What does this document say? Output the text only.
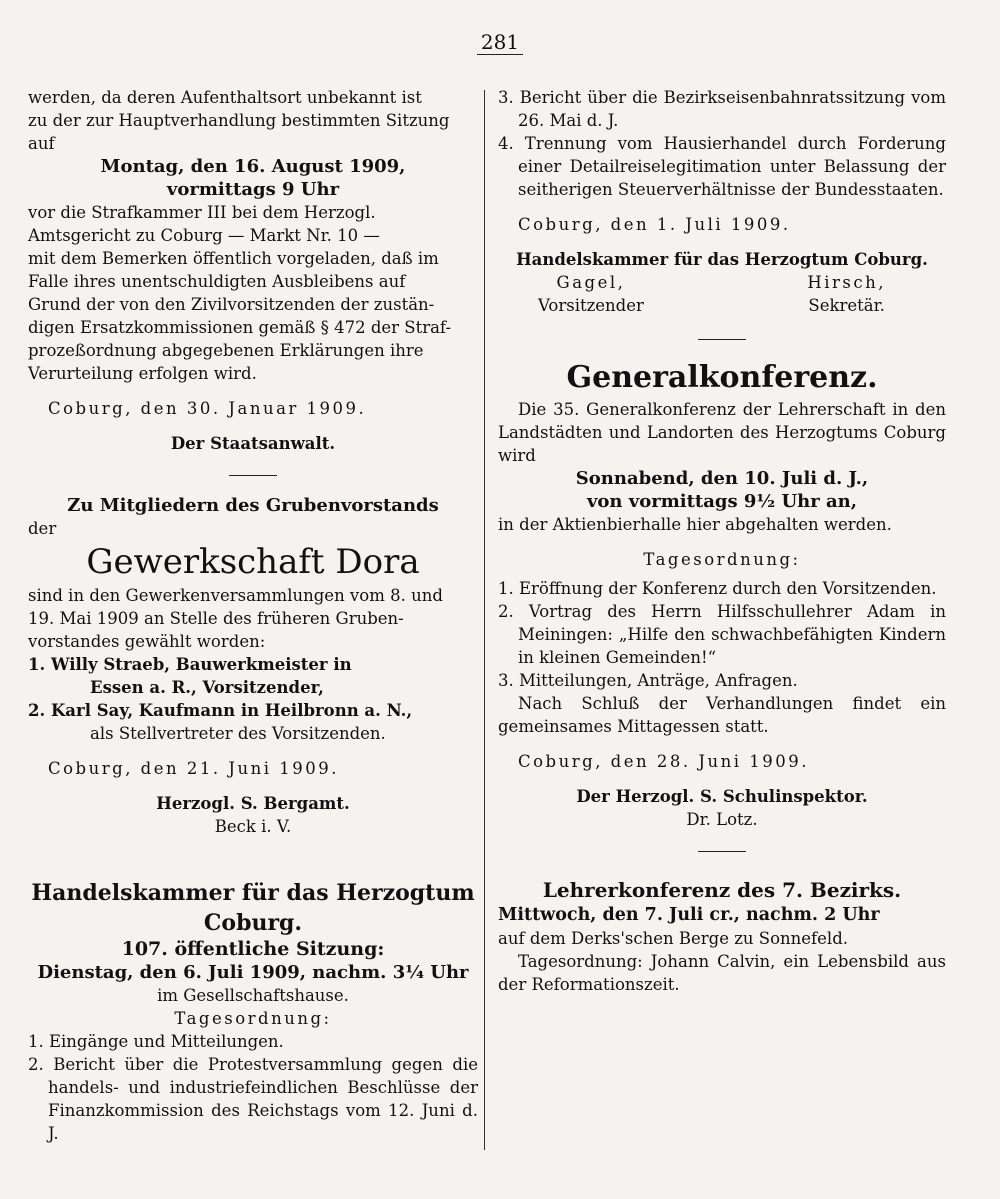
281

werden, da deren Aufenthaltsort unbekannt ist

zu der zur Hauptverhandlung bestimmten Sitzung

auf

Montag, den 16. August 1909,

vormittags 9 Uhr

vor die Strafkammer III bei dem Herzogl.

Amtsgericht zu Coburg — Markt Nr. 10 —

mit dem Bemerken öffentlich vorgeladen, daß im

Falle ihres unentschuldigten Ausbleibens auf

Grund der von den Zivilvorsitzenden der zustän-

digen Ersatzkommissionen gemäß § 472 der Straf-

prozeßordnung abgegebenen Erklärungen ihre

Verurteilung erfolgen wird.

Coburg, den 30. Januar 1909.

Der Staatsanwalt.

Zu Mitgliedern des Grubenvorstands

der

Gewerkschaft Dora

sind in den Gewerkenversammlungen vom 8. und

19. Mai 1909 an Stelle des früheren Gruben-

vorstandes gewählt worden:

1. Willy Straeb, Bauwerkmeister in

Essen a. R., Vorsitzender,

2. Karl Say, Kaufmann in Heilbronn a. N.,

als Stellvertreter des Vorsitzenden.

Coburg, den 21. Juni 1909.

Herzogl. S. Bergamt.

Beck i. V.

Handelskammer für das Herzogtum Coburg.

107. öffentliche Sitzung:

Dienstag, den 6. Juli 1909, nachm. 3¼ Uhr

im Gesellschaftshause.

Tagesordnung:

1. Eingänge und Mitteilungen.

2. Bericht über die Protestversammlung gegen die handels- und industriefeindlichen Beschlüsse der Finanzkommission des Reichstags vom 12. Juni d. J.

3. Bericht über die Bezirkseisenbahnratssitzung vom 26. Mai d. J.

4. Trennung vom Hausierhandel durch Forderung einer Detailreiselegitimation unter Belassung der seitherigen Steuerverhältnisse der Bundesstaaten.

Coburg, den 1. Juli 1909.

Handelskammer für das Herzogtum Coburg.

Gagel,

Vorsitzender

Hirsch,

Sekretär.

Generalkonferenz.

Die 35. Generalkonferenz der Lehrerschaft in den Landstädten und Landorten des Herzogtums Coburg wird

Sonnabend, den 10. Juli d. J.,

von vormittags 9½ Uhr an,

in der Aktienbierhalle hier abgehalten werden.

Tagesordnung:

1. Eröffnung der Konferenz durch den Vorsitzenden.

2. Vortrag des Herrn Hilfsschullehrer Adam in Meiningen: „Hilfe den schwachbefähigten Kindern in kleinen Gemeinden!“

3. Mitteilungen, Anträge, Anfragen.

Nach Schluß der Verhandlungen findet ein gemeinsames Mittagessen statt.

Coburg, den 28. Juni 1909.

Der Herzogl. S. Schulinspektor.

Dr. Lotz.

Lehrerkonferenz des 7. Bezirks.

Mittwoch, den 7. Juli cr., nachm. 2 Uhr

auf dem Derks'schen Berge zu Sonnefeld.

Tagesordnung: Johann Calvin, ein Lebensbild aus der Reformationszeit.
